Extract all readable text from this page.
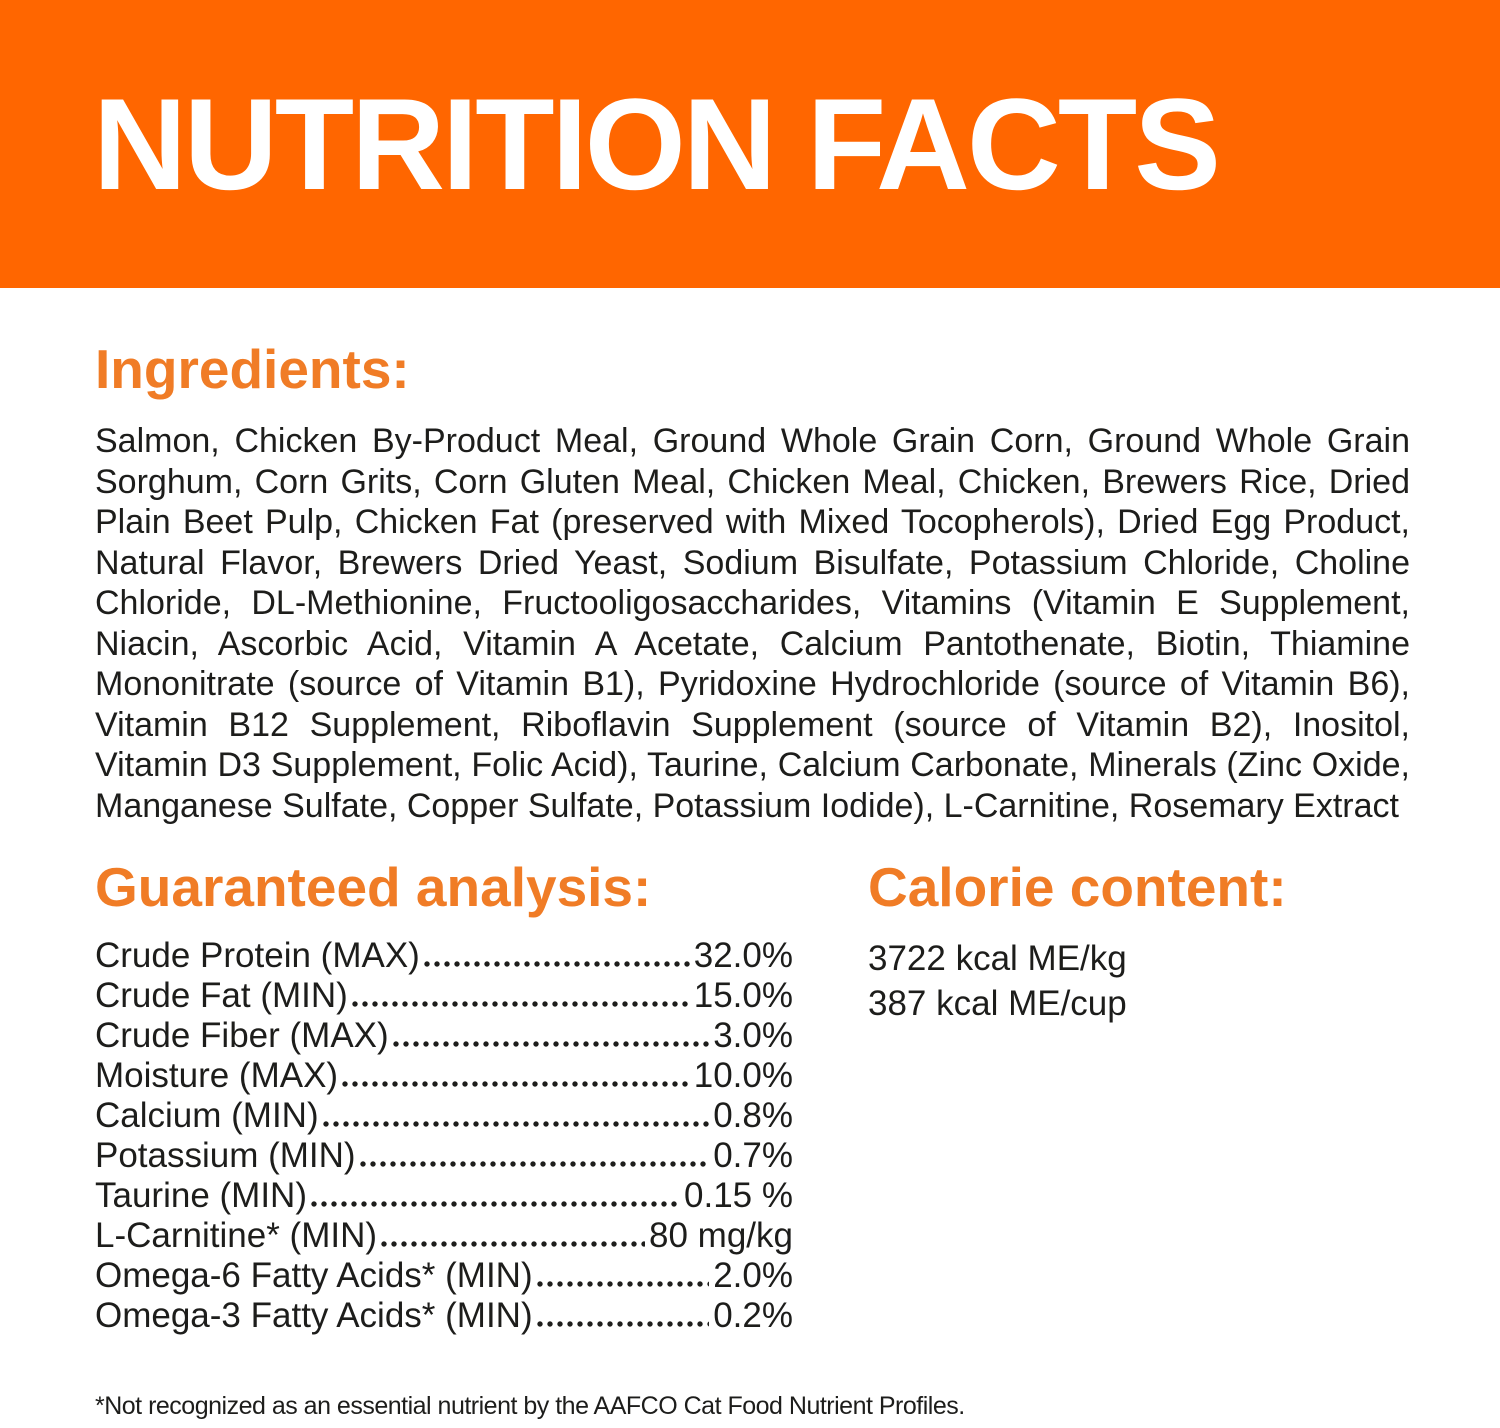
NUTRITION FACTS
Ingredients:

Salmon, Chicken By-Product Meal, Ground Whole Grain Corn, Ground Whole Grain Sorghum, Corn Grits, Corn Gluten Meal, Chicken Meal, Chicken, Brewers Rice, Dried Plain Beet Pulp, Chicken Fat (preserved with Mixed Tocopherols), Dried Egg Product, Natural Flavor, Brewers Dried Yeast, Sodium Bisulfate, Potassium Chloride, Choline Chloride, DL-Methionine, Fructooligosaccharides, Vitamins (Vitamin E Supplement, Niacin, Ascorbic Acid, Vitamin A Acetate, Calcium Pantothenate, Biotin, Thiamine Mononitrate (source of Vitamin B1), Pyridoxine Hydrochloride (source of Vitamin B6), Vitamin B12 Supplement, Riboflavin Supplement (source of Vitamin B2), Inositol, Vitamin D3 Supplement, Folic Acid), Taurine, Calcium Carbonate, Minerals (Zinc Oxide, Manganese Sulfate, Copper Sulfate, Potassium Iodide), L-Carnitine, Rosemary Extract

Guaranteed analysis:
Crude Protein (MAX)	32.0%
Crude Fat (MIN)	15.0%
Crude Fiber (MAX)	3.0%
Moisture (MAX)	10.0%
Calcium (MIN)	0.8%
Potassium (MIN)	0.7%
Taurine (MIN)	0.15 %
L-Carnitine* (MIN)	80 mg/kg
Omega-6 Fatty Acids* (MIN)	2.0%
Omega-3 Fatty Acids* (MIN)	0.2%
Calorie content:
3722 kcal ME/kg
387 kcal ME/cup

*Not recognized as an essential nutrient by the AAFCO Cat Food Nutrient Profiles.
